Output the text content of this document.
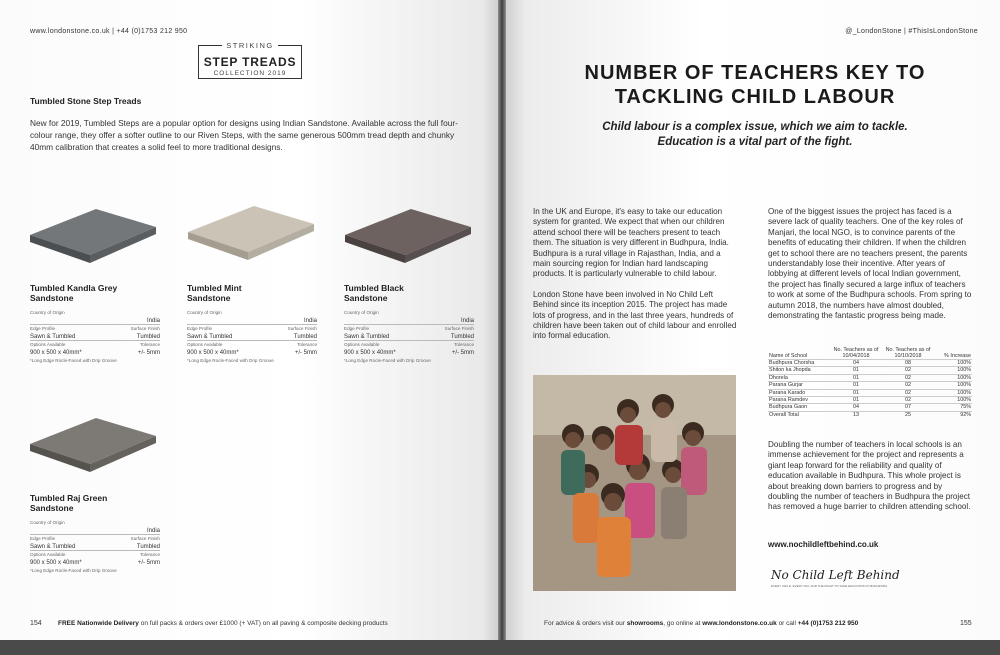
www.londonstone.co.uk | +44 (0)1753 212 950
STRIKING
STEP TREADS
COLLECTION 2019
Tumbled Stone Step Treads
New for 2019, Tumbled Steps are a popular option for designs using Indian Sandstone. Available across the full four-colour range, they offer a softer outline to our Riven Steps, with the same generous 500mm tread depth and chunky 40mm calibration that creates a solid feel to more traditional designs.
Tumbled Kandla Grey
Sandstone
Country of Origin
India
Edge Profile	Surface Finish
Sawn & Tumbled	Tumbled
Options Available	Tolerance
900 x 500 x 40mm*	+/- 5mm
*Long Edge Rocle-Faced with Drip Groove
Tumbled Mint
Sandstone
Country of Origin
India
Edge Profile	Surface Finish
Sawn & Tumbled	Tumbled
Options Available	Tolerance
900 x 500 x 40mm*	+/- 5mm
*Long Edge Rocle-Faced with Drip Groove
Tumbled Black
Sandstone
Country of Origin
India
Edge Profile	Surface Finish
Sawn & Tumbled	Tumbled
Options Available	Tolerance
900 x 500 x 40mm*	+/- 5mm
*Long Edge Rocle-Faced with Drip Groove
Tumbled Raj Green
Sandstone
Country of Origin
India
Edge Profile	Surface Finish
Sawn & Tumbled	Tumbled
Options Available	Tolerance
900 x 500 x 40mm*	+/- 5mm
*Long Edge Rocle-Faced with Drip Groove
154	FREE Nationwide Delivery on full packs & orders over £1000 (+ VAT) on all paving & composite decking products
@_LondonStone | #ThisIsLondonStone
NUMBER OF TEACHERS KEY TO
TACKLING CHILD LABOUR
Child labour is a complex issue, which we aim to tackle.
Education is a vital part of the fight.

In the UK and Europe, it's easy to take our education system for granted. We expect that when our children attend school there will be teachers present to teach them. The situation is very different in Budhpura, India. Budhpura is a rural village in Rajasthan, India, and a main sourcing region for Indian hard landscaping products. It is particularly vulnerable to child labour.

London Stone have been involved in No Child Left Behind since its inception 2015. The project has made lots of progress, and in the last three years, hundreds of children have been taken out of child labour and enrolled into formal education.

One of the biggest issues the project has faced is a severe lack of quality teachers. One of the key roles of Manjari, the local NGO, is to convince parents of the benefits of educating their children. If when the children get to school there are no teachers present, the parents understandably lose their incentive. After years of lobbying at different levels of local Indian government, the project has finally secured a large influx of teachers to work at some of the Budhpura schools. From spring to autumn 2018, the numbers have almost doubled, demonstrating the fantastic progress being made.

Name of School	No. Teachers as of 10/04/2018	No. Teachers as of 10/10/2018	% Increase
Budhpura Chorsha	04	08	100%
Shiton ka Jhopda	01	02	100%
Dhorela	01	02	100%
Parana Gurjar	01	02	100%
Parana Karado	01	02	100%
Parana Ramdev	01	02	100%
Budhpura Gaon	04	07	75%
Overall Total	13	25	92%

Doubling the number of teachers in local schools is an immense achievement for the project and represents a giant leap forward for the reliability and quality of education available in Budhpura. This whole project is about breaking down barriers to progress and by doubling the number of teachers in Budhpura the project has removed a huge barrier to children attending school.

www.nochildleftbehind.co.uk
No Child Left Behind
EVERY CHILD, EVERY DAY, AND THE RIGHT TO SAFE EDUCATION IN BUDHPURA
For advice & orders visit our showrooms, go online at www.londonstone.co.uk or call +44 (0)1753 212 950	155
